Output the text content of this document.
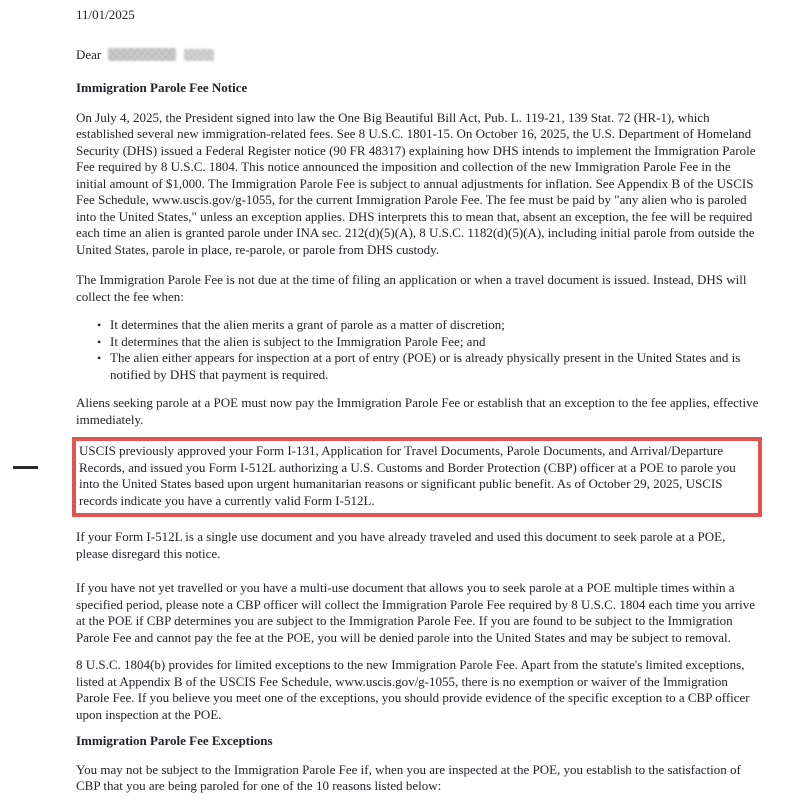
11/01/2025

Dear

Immigration Parole Fee Notice

On July 4, 2025, the President signed into law the One Big Beautiful Bill Act, Pub. L. 119-21, 139 Stat. 72 (HR-1), which established several new immigration-related fees. See 8 U.S.C. 1801-15. On October 16, 2025, the U.S. Department of Homeland Security (DHS) issued a Federal Register notice (90 FR 48317) explaining how DHS intends to implement the Immigration Parole Fee required by 8 U.S.C. 1804. This notice announced the imposition and collection of the new Immigration Parole Fee in the initial amount of $1,000. The Immigration Parole Fee is subject to annual adjustments for inflation. See Appendix B of the USCIS Fee Schedule, www.uscis.gov/g-1055, for the current Immigration Parole Fee. The fee must be paid by "any alien who is paroled into the United States," unless an exception applies. DHS interprets this to mean that, absent an exception, the fee will be required each time an alien is granted parole under INA sec. 212(d)(5)(A), 8 U.S.C. 1182(d)(5)(A), including initial parole from outside the United States, parole in place, re-parole, or parole from DHS custody.

The Immigration Parole Fee is not due at the time of filing an application or when a travel document is issued. Instead, DHS will collect the fee when:

• It determines that the alien merits a grant of parole as a matter of discretion;
• It determines that the alien is subject to the Immigration Parole Fee; and
• The alien either appears for inspection at a port of entry (POE) or is already physically present in the United States and is notified by DHS that payment is required.

Aliens seeking parole at a POE must now pay the Immigration Parole Fee or establish that an exception to the fee applies, effective immediately.

USCIS previously approved your Form I-131, Application for Travel Documents, Parole Documents, and Arrival/Departure Records, and issued you Form I-512L authorizing a U.S. Customs and Border Protection (CBP) officer at a POE to parole you into the United States based upon urgent humanitarian reasons or significant public benefit. As of October 29, 2025, USCIS records indicate you have a currently valid Form I-512L.

If your Form I-512L is a single use document and you have already traveled and used this document to seek parole at a POE, please disregard this notice.

If you have not yet travelled or you have a multi-use document that allows you to seek parole at a POE multiple times within a specified period, please note a CBP officer will collect the Immigration Parole Fee required by 8 U.S.C. 1804 each time you arrive at the POE if CBP determines you are subject to the Immigration Parole Fee. If you are found to be subject to the Immigration Parole Fee and cannot pay the fee at the POE, you will be denied parole into the United States and may be subject to removal.

8 U.S.C. 1804(b) provides for limited exceptions to the new Immigration Parole Fee. Apart from the statute's limited exceptions, listed at Appendix B of the USCIS Fee Schedule, www.uscis.gov/g-1055, there is no exemption or waiver of the Immigration Parole Fee. If you believe you meet one of the exceptions, you should provide evidence of the specific exception to a CBP officer upon inspection at the POE.

Immigration Parole Fee Exceptions

You may not be subject to the Immigration Parole Fee if, when you are inspected at the POE, you establish to the satisfaction of CBP that you are being paroled for one of the 10 reasons listed below:
